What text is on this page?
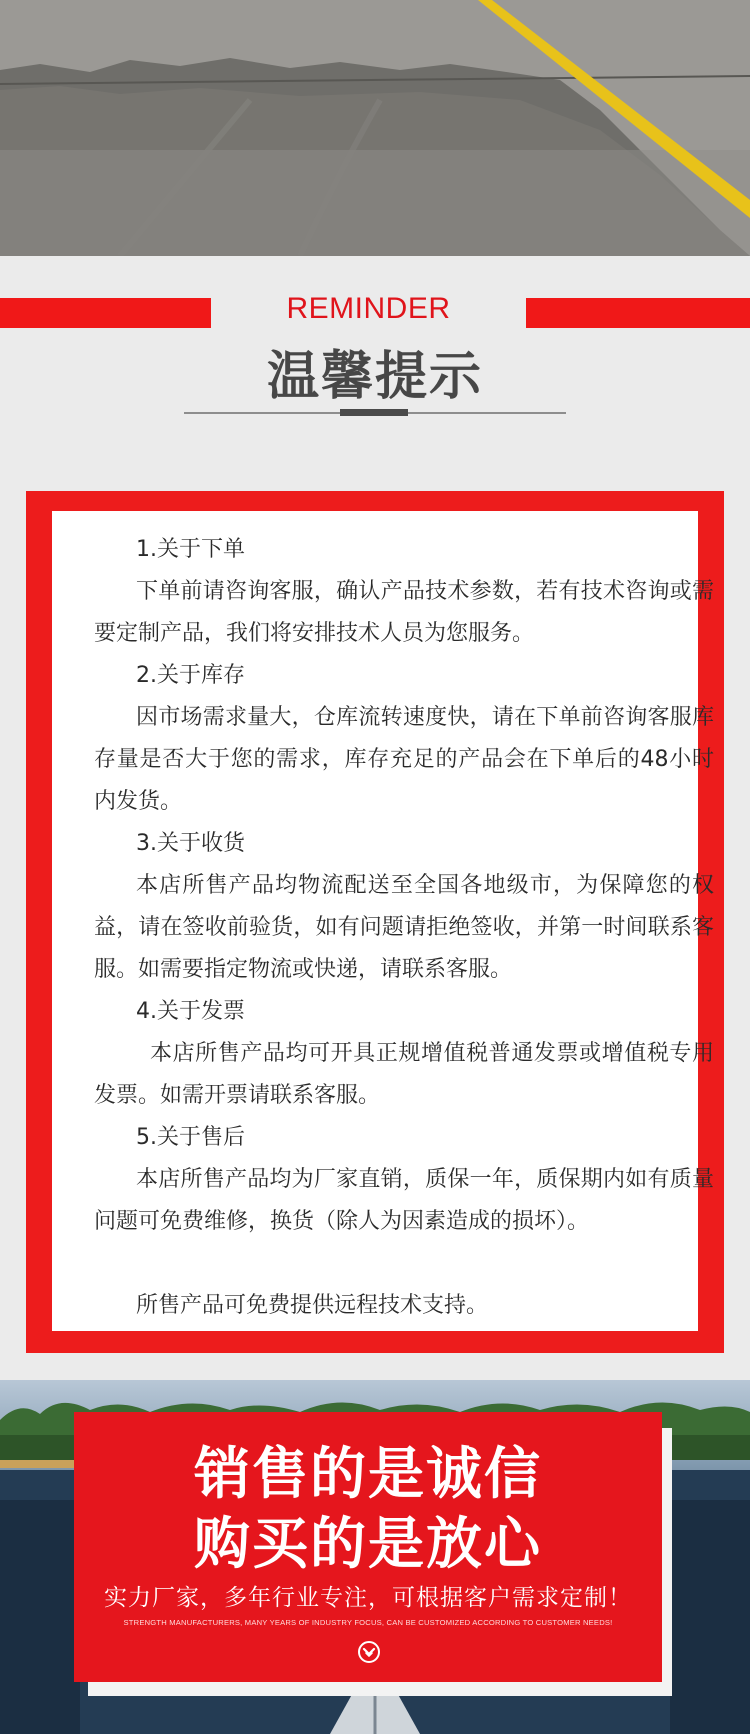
REMINDER
温馨提示
1.关于下单
下单前请咨询客服，确认产品技术参数，若有技术咨询或需要定制产品，我们将安排技术人员为您服务。
2.关于库存
因市场需求量大，仓库流转速度快，请在下单前咨询客服库存量是否大于您的需求，库存充足的产品会在下单后的48小时内发货。
3.关于收货
本店所售产品均物流配送至全国各地级市，为保障您的权益，请在签收前验货，如有问题请拒绝签收，并第一时间联系客服。如需要指定物流或快递，请联系客服。
4.关于发票
本店所售产品均可开具正规增值税普通发票或增值税专用发票。如需开票请联系客服。
5.关于售后
本店所售产品均为厂家直销，质保一年，质保期内如有质量问题可免费维修，换货（除人为因素造成的损坏）。
所售产品可免费提供远程技术支持。
销售的是诚信
购买的是放心
实力厂家，多年行业专注，可根据客户需求定制！
STRENGTH MANUFACTURERS, MANY YEARS OF INDUSTRY FOCUS, CAN BE CUSTOMIZED ACCORDING TO CUSTOMER NEEDS!
